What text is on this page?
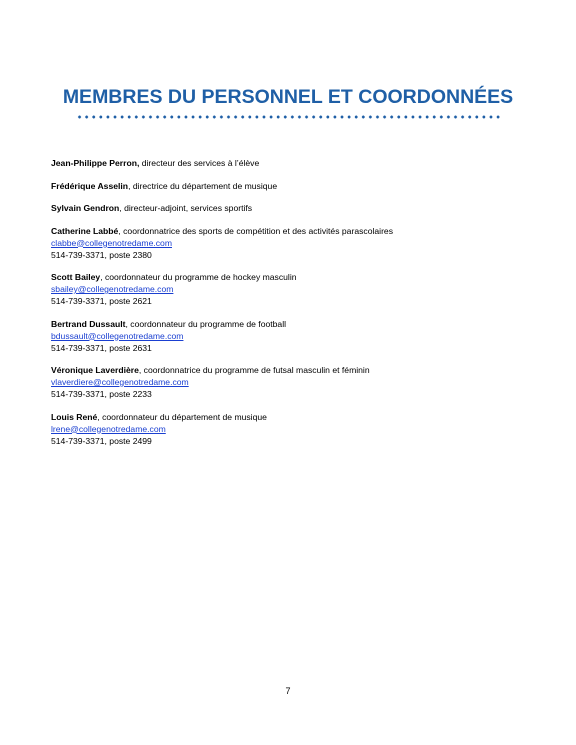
MEMBRES DU PERSONNEL ET COORDONNÉES
Jean-Philippe Perron, directeur des services à l’élève
Frédérique Asselin, directrice du département de musique
Sylvain Gendron, directeur-adjoint, services sportifs
Catherine Labbé, coordonnatrice des sports de compétition et des activités parascolaires
clabbe@collegenotredame.com
514-739-3371, poste 2380
Scott Bailey, coordonnateur du programme de hockey masculin
sbailey@collegenotredame.com
514-739-3371, poste 2621
Bertrand Dussault, coordonnateur du programme de football
bdussault@collegenotredame.com
514-739-3371, poste 2631
Véronique Laverdière, coordonnatrice du programme de futsal masculin et féminin
vlaverdiere@collegenotredame.com
514-739-3371, poste 2233
Louis René, coordonnateur du département de musique
lrene@collegenotredame.com
514-739-3371, poste 2499
7
